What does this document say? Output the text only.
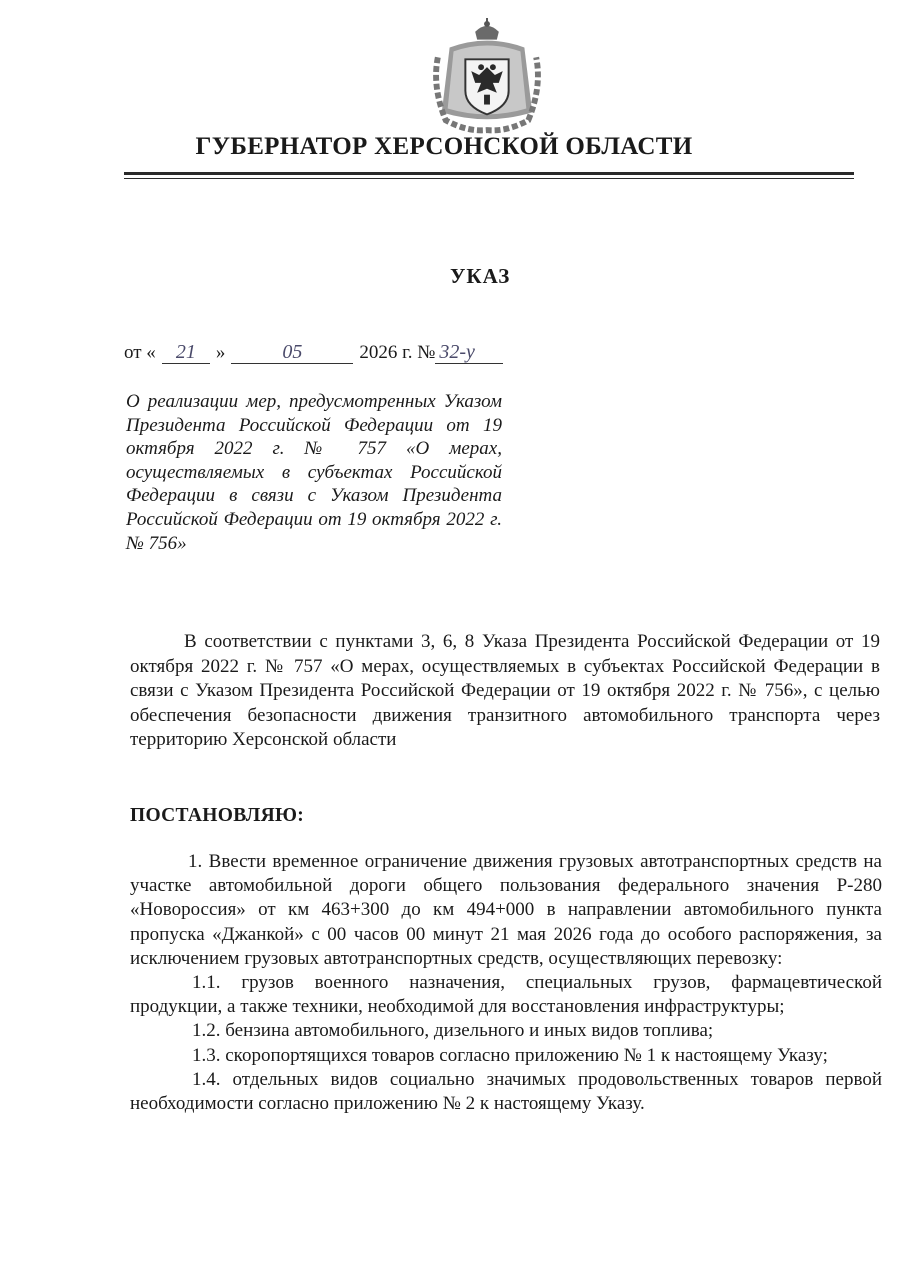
ГУБЕРНАТОР ХЕРСОНСКОЙ ОБЛАСТИ
УКАЗ
от «	21	»	05	2026 г. № 32-у

О реализации мер, предусмотренных Указом Президента Российской Федерации от 19 октября 2022 г. № 757 «О мерах, осуществляемых в субъектах Российской Федерации в связи с Указом Президента Российской Федерации от 19 октября 2022 г. № 756»

В соответствии с пунктами 3, 6, 8 Указа Президента Российской Федерации от 19 октября 2022 г. № 757 «О мерах, осуществляемых в субъектах Российской Федерации в связи с Указом Президента Российской Федерации от 19 октября 2022 г. № 756», с целью обеспечения безопасности движения транзитного автомобильного транспорта через территорию Херсонской области

ПОСТАНОВЛЯЮ:

1. Ввести временное ограничение движения грузовых автотранспортных средств на участке автомобильной дороги общего пользования федерального значения Р-280 «Новороссия» от км 463+300 до км 494+000 в направлении автомобильного пункта пропуска «Джанкой» с 00 часов 00 минут 21 мая 2026 года до особого распоряжения, за исключением грузовых автотранспортных средств, осуществляющих перевозку:

1.1. грузов военного назначения, специальных грузов, фармацевтической продукции, а также техники, необходимой для восстановления инфраструктуры;

1.2. бензина автомобильного, дизельного и иных видов топлива;

1.3. скоропортящихся товаров согласно приложению № 1 к настоящему Указу;

1.4. отдельных видов социально значимых продовольственных товаров первой необходимости согласно приложению № 2 к настоящему Указу.
